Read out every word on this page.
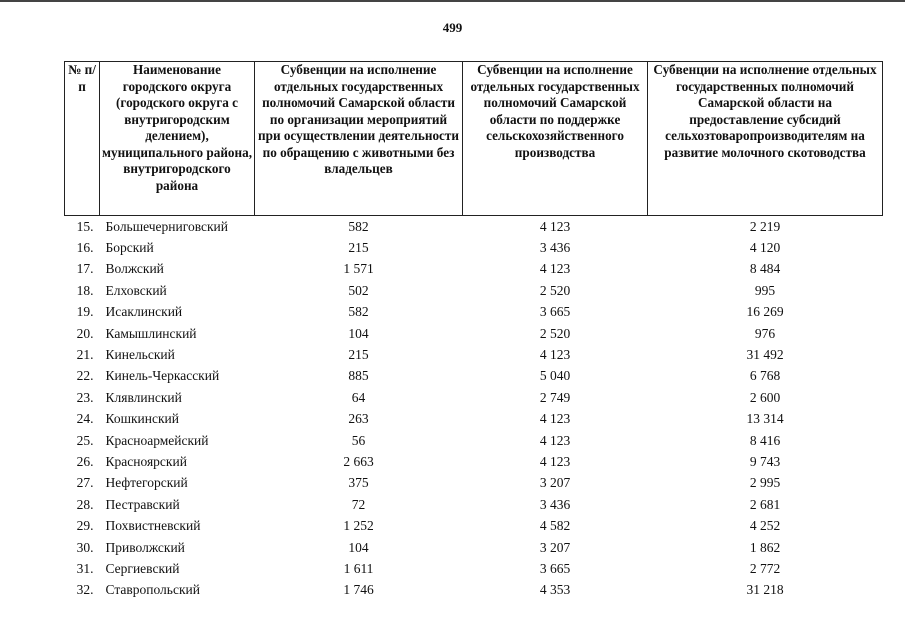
499
№ п/п	Наименование городского округа (городского округа с внутригородским делением), муниципального района, внутригородского района	Субвенции на исполнение отдельных государственных полномочий Самарской области по организации мероприятий при осуществлении деятельности по обращению с животными без владельцев	Субвенции на исполнение отдельных государственных полномочий Самарской области по поддержке сельскохозяйственного производства	Субвенции на исполнение отдельных государственных полномочий Самарской области на предоставление субсидий сельхозтоваропроизводителям на развитие молочного скотоводства
15.	Большечерниговский	582	4 123	2 219
16.	Борский	215	3 436	4 120
17.	Волжский	1 571	4 123	8 484
18.	Елховский	502	2 520	995
19.	Исаклинский	582	3 665	16 269
20.	Камышлинский	104	2 520	976
21.	Кинельский	215	4 123	31 492
22.	Кинель-Черкасский	885	5 040	6 768
23.	Клявлинский	64	2 749	2 600
24.	Кошкинский	263	4 123	13 314
25.	Красноармейский	56	4 123	8 416
26.	Красноярский	2 663	4 123	9 743
27.	Нефтегорский	375	3 207	2 995
28.	Пестравский	72	3 436	2 681
29.	Похвистневский	1 252	4 582	4 252
30.	Приволжский	104	3 207	1 862
31.	Сергиевский	1 611	3 665	2 772
32.	Ставропольский	1 746	4 353	31 218
